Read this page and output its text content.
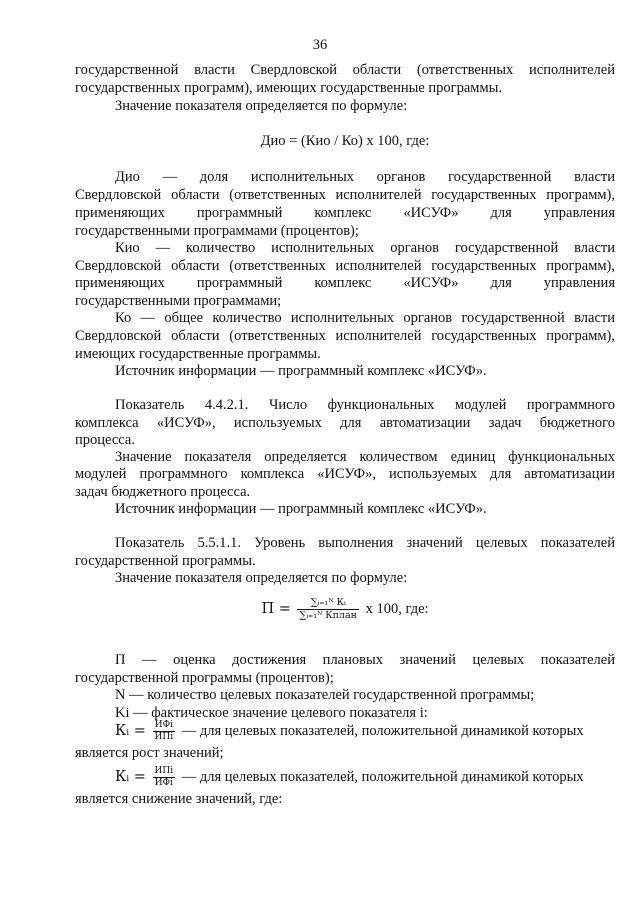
36
государственной власти Свердловской области (ответственных исполнителей
государственных программ), имеющих государственные программы.
Значение показателя определяется по формуле:
Дио = (Кио / Ко) х 100, где:
Дио — доля исполнительных органов государственной власти
Свердловской области (ответственных исполнителей государственных программ),
применяющих программный комплекс «ИСУФ» для управления
государственными программами (процентов);
Кио — количество исполнительных органов государственной власти
Свердловской области (ответственных исполнителей государственных программ),
применяющих программный комплекс «ИСУФ» для управления
государственными программами;
Ко — общее количество исполнительных органов государственной власти
Свердловской области (ответственных исполнителей государственных программ),
имеющих государственные программы.
Источник информации — программный комплекс «ИСУФ».
Показатель 4.4.2.1. Число функциональных модулей программного
комплекса «ИСУФ», используемых для автоматизации задач бюджетного
процесса.
Значение показателя определяется количеством единиц функциональных
модулей программного комплекса «ИСУФ», используемых для автоматизации
задач бюджетного процесса.
Источник информации — программный комплекс «ИСУФ».
Показатель 5.5.1.1. Уровень выполнения значений целевых показателей
государственной программы.
Значение показателя определяется по формуле:
$П = \frac{\text{∑ᵢ₌₁ᴺ Кᵢ}}{\text{∑ᵢ₌₁ᴺ Кплан}}$ х 100, где:
П — оценка достижения плановых значений целевых показателей
государственной программы (процентов);
N — количество целевых показателей государственной программы;
Ki — фактическое значение целевого показателя i:
Кᵢ = $\frac{\text{ИФi}}{\text{ИПi}}$ — для целевых показателей, положительной динамикой которых
является рост значений;
Кᵢ = $\frac{\text{ИПi}}{\text{ИФi}}$ — для целевых показателей, положительной динамикой которых
является снижение значений, где:
